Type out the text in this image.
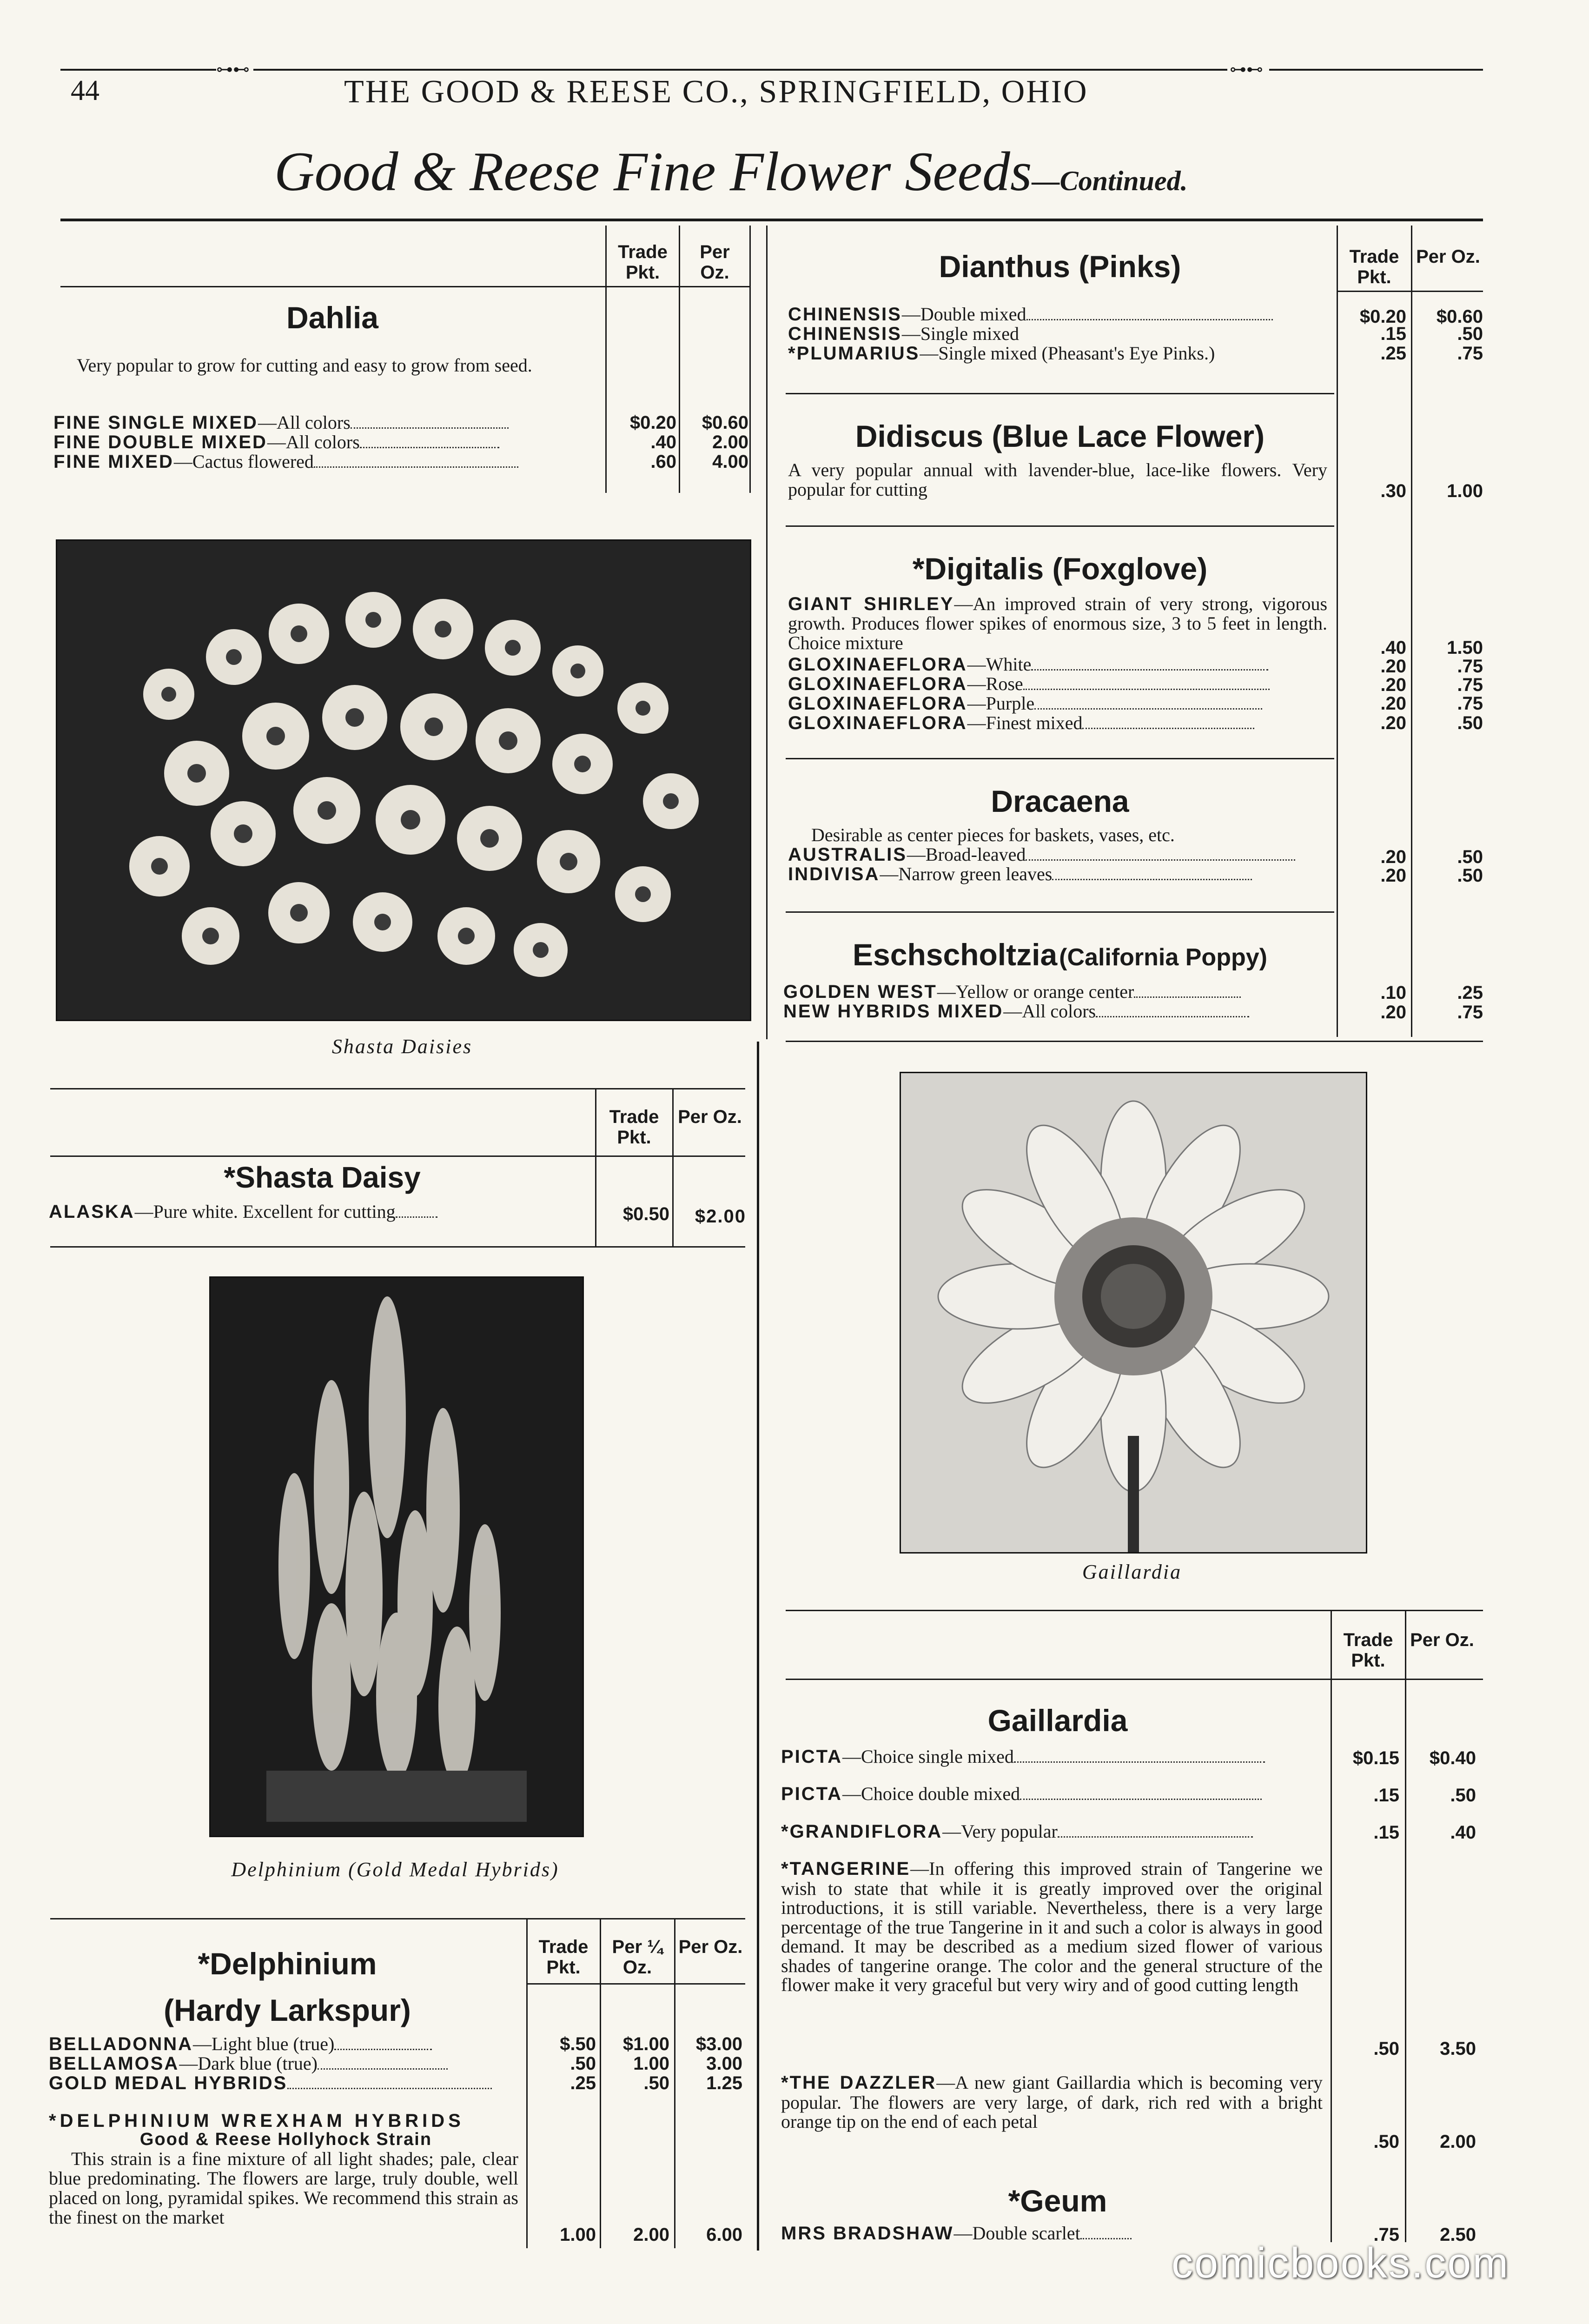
⊶⊷	⊶⊷
44	THE GOOD & REESE CO., SPRINGFIELD, OHIO
Good & Reese Fine Flower Seeds—Continued.
Trade Pkt.
Per Oz.
Dahlia
Very popular to grow for cutting and easy to grow from seed.
FINE SINGLE MIXED—All colors	$0.20	$0.60
FINE DOUBLE MIXED—All colors	.40	2.00
FINE MIXED—Cactus flowered	.60	4.00
Shasta Daisies
Trade Pkt.
Per Oz.
*Shasta Daisy
ALASKA—Pure white. Excellent for cutting	$0.50	$2.00
Delphinium (Gold Medal Hybrids)
Trade Pkt.
Per ¼ Oz.
Per Oz.
*Delphinium
(Hardy Larkspur)
BELLADONNA—Light blue (true)	$.50	$1.00	$3.00
BELLAMOSA—Dark blue (true)	.50	1.00	3.00
GOLD MEDAL HYBRIDS	.25	.50	1.25
*DELPHINIUM WREXHAM HYBRIDS
Good & Reese Hollyhock Strain
This strain is a fine mixture of all light shades; pale, clear blue predominating. The flowers are large, truly double, well placed on long, pyramidal spikes. We recommend this strain as the finest on the market
1.00	2.00	6.00
Trade Pkt.
Per Oz.
Dianthus (Pinks)
CHINENSIS—Double mixed	$0.20	$0.60
CHINENSIS—Single mixed	.15	.50
*PLUMARIUS—Single mixed (Pheasant's Eye Pinks.)	.25	.75
Didiscus (Blue Lace Flower)
A very popular annual with lavender-blue, lace-like flowers. Very popular for cutting	.30	1.00
*Digitalis (Foxglove)
GIANT SHIRLEY—An improved strain of very strong, vigorous growth. Produces flower spikes of enormous size, 3 to 5 feet in length. Choice mixture	.40	1.50
GLOXINAEFLORA—White	.20	.75
GLOXINAEFLORA—Rose	.20	.75
GLOXINAEFLORA—Purple	.20	.75
GLOXINAEFLORA—Finest mixed	.20	.50
Dracaena
Desirable as center pieces for baskets, vases, etc.
AUSTRALIS—Broad-leaved	.20	.50
INDIVISA—Narrow green leaves	.20	.50
Eschscholtzia (California Poppy)
GOLDEN WEST—Yellow or orange center	.10	.25
NEW HYBRIDS MIXED—All colors	.20	.75
Gaillardia
Trade Pkt.
Per Oz.
Gaillardia
PICTA—Choice single mixed	$0.15	$0.40
PICTA—Choice double mixed	.15	.50
*GRANDIFLORA—Very popular	.15	.40
*TANGERINE—In offering this improved strain of Tangerine we wish to state that while it is greatly improved over the original introductions, it is still variable. Nevertheless, there is a very large percentage of the true Tangerine in it and such a color is always in good demand. It may be described as a medium sized flower of various shades of tangerine orange. The color and the general structure of the flower make it very graceful but very wiry and of good cutting length
.50	3.50
*THE DAZZLER—A new giant Gaillardia which is becoming very popular. The flowers are very large, of dark, rich red with a bright orange tip on the end of each petal
.50	2.00
*Geum
MRS BRADSHAW—Double scarlet	.75	2.50
comicbooks.com
